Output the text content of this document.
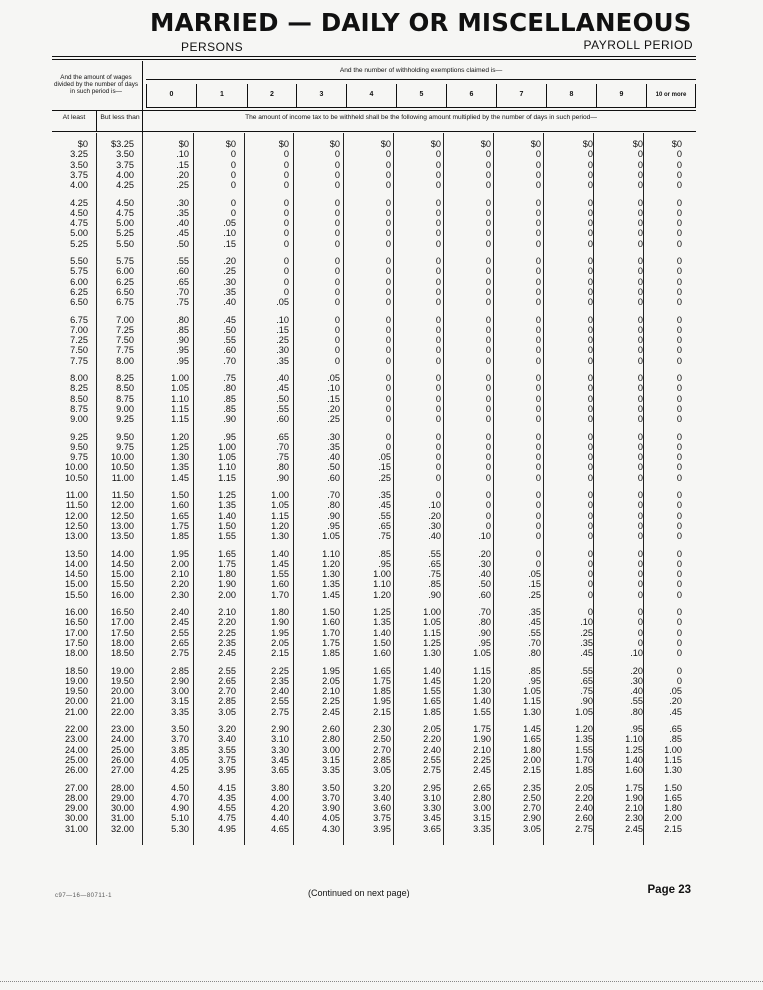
MARRIED — DAILY OR MISCELLANEOUS
PERSONS	PAYROLL PERIOD
And the amount of wages divided by the number of days in such period is—
And the number of withholding exemptions claimed is—
0	1	2	3	4	5	6	7	8	9	10 or more
At least	But less than	The amount of income tax to be withheld shall be the following amount multiplied by the number of days in such period—
$0	$3.25	$0	$0	$0	$0	$0	$0	$0	$0	$0	$0	$0
3.25	3.50	.10	0	0	0	0	0	0	0	0	0	0
3.50	3.75	.15	0	0	0	0	0	0	0	0	0	0
3.75	4.00	.20	0	0	0	0	0	0	0	0	0	0
4.00	4.25	.25	0	0	0	0	0	0	0	0	0	0
4.25	4.50	.30	0	0	0	0	0	0	0	0	0	0
4.50	4.75	.35	0	0	0	0	0	0	0	0	0	0
4.75	5.00	.40	.05	0	0	0	0	0	0	0	0	0
5.00	5.25	.45	.10	0	0	0	0	0	0	0	0	0
5.25	5.50	.50	.15	0	0	0	0	0	0	0	0	0
5.50	5.75	.55	.20	0	0	0	0	0	0	0	0	0
5.75	6.00	.60	.25	0	0	0	0	0	0	0	0	0
6.00	6.25	.65	.30	0	0	0	0	0	0	0	0	0
6.25	6.50	.70	.35	0	0	0	0	0	0	0	0	0
6.50	6.75	.75	.40	.05	0	0	0	0	0	0	0	0
6.75	7.00	.80	.45	.10	0	0	0	0	0	0	0	0
7.00	7.25	.85	.50	.15	0	0	0	0	0	0	0	0
7.25	7.50	.90	.55	.25	0	0	0	0	0	0	0	0
7.50	7.75	.95	.60	.30	0	0	0	0	0	0	0	0
7.75	8.00	.95	.70	.35	0	0	0	0	0	0	0	0
8.00	8.25	1.00	.75	.40	.05	0	0	0	0	0	0	0
8.25	8.50	1.05	.80	.45	.10	0	0	0	0	0	0	0
8.50	8.75	1.10	.85	.50	.15	0	0	0	0	0	0	0
8.75	9.00	1.15	.85	.55	.20	0	0	0	0	0	0	0
9.00	9.25	1.15	.90	.60	.25	0	0	0	0	0	0	0
9.25	9.50	1.20	.95	.65	.30	0	0	0	0	0	0	0
9.50	9.75	1.25	1.00	.70	.35	0	0	0	0	0	0	0
9.75	10.00	1.30	1.05	.75	.40	.05	0	0	0	0	0	0
10.00	10.50	1.35	1.10	.80	.50	.15	0	0	0	0	0	0
10.50	11.00	1.45	1.15	.90	.60	.25	0	0	0	0	0	0
11.00	11.50	1.50	1.25	1.00	.70	.35	0	0	0	0	0	0
11.50	12.00	1.60	1.35	1.05	.80	.45	.10	0	0	0	0	0
12.00	12.50	1.65	1.40	1.15	.90	.55	.20	0	0	0	0	0
12.50	13.00	1.75	1.50	1.20	.95	.65	.30	0	0	0	0	0
13.00	13.50	1.85	1.55	1.30	1.05	.75	.40	.10	0	0	0	0
13.50	14.00	1.95	1.65	1.40	1.10	.85	.55	.20	0	0	0	0
14.00	14.50	2.00	1.75	1.45	1.20	.95	.65	.30	0	0	0	0
14.50	15.00	2.10	1.80	1.55	1.30	1.00	.75	.40	.05	0	0	0
15.00	15.50	2.20	1.90	1.60	1.35	1.10	.85	.50	.15	0	0	0
15.50	16.00	2.30	2.00	1.70	1.45	1.20	.90	.60	.25	0	0	0
16.00	16.50	2.40	2.10	1.80	1.50	1.25	1.00	.70	.35	0	0	0
16.50	17.00	2.45	2.20	1.90	1.60	1.35	1.05	.80	.45	.10	0	0
17.00	17.50	2.55	2.25	1.95	1.70	1.40	1.15	.90	.55	.25	0	0
17.50	18.00	2.65	2.35	2.05	1.75	1.50	1.25	.95	.70	.35	0	0
18.00	18.50	2.75	2.45	2.15	1.85	1.60	1.30	1.05	.80	.45	.10	0
18.50	19.00	2.85	2.55	2.25	1.95	1.65	1.40	1.15	.85	.55	.20	0
19.00	19.50	2.90	2.65	2.35	2.05	1.75	1.45	1.20	.95	.65	.30	0
19.50	20.00	3.00	2.70	2.40	2.10	1.85	1.55	1.30	1.05	.75	.40	.05
20.00	21.00	3.15	2.85	2.55	2.25	1.95	1.65	1.40	1.15	.90	.55	.20
21.00	22.00	3.35	3.05	2.75	2.45	2.15	1.85	1.55	1.30	1.05	.80	.45
22.00	23.00	3.50	3.20	2.90	2.60	2.30	2.05	1.75	1.45	1.20	.95	.65
23.00	24.00	3.70	3.40	3.10	2.80	2.50	2.20	1.90	1.65	1.35	1.10	.85
24.00	25.00	3.85	3.55	3.30	3.00	2.70	2.40	2.10	1.80	1.55	1.25 1.00
25.00	26.00	4.05	3.75	3.45	3.15	2.85	2.55	2.25	2.00	1.70	1.40 1.15
26.00	27.00	4.25	3.95	3.65	3.35	3.05	2.75	2.45	2.15	1.85	1.60 1.30
27.00	28.00	4.50	4.15	3.80	3.50	3.20	2.95	2.65	2.35	2.05	1.75 1.50
28.00	29.00	4.70	4.35	4.00	3.70	3.40	3.10	2.80	2.50	2.20	1.90 1.65
29.00	30.00	4.90	4.55	4.20	3.90	3.60	3.30	3.00	2.70	2.40	2.10 1.80
30.00	31.00	5.10	4.75	4.40	4.05	3.75	3.45	3.15	2.90	2.60	2.30 2.00
31.00	32.00	5.30	4.95	4.65	4.30	3.95	3.65	3.35	3.05	2.75	2.45 2.15
c97—16—80711-1	(Continued on next page)	Page 23
